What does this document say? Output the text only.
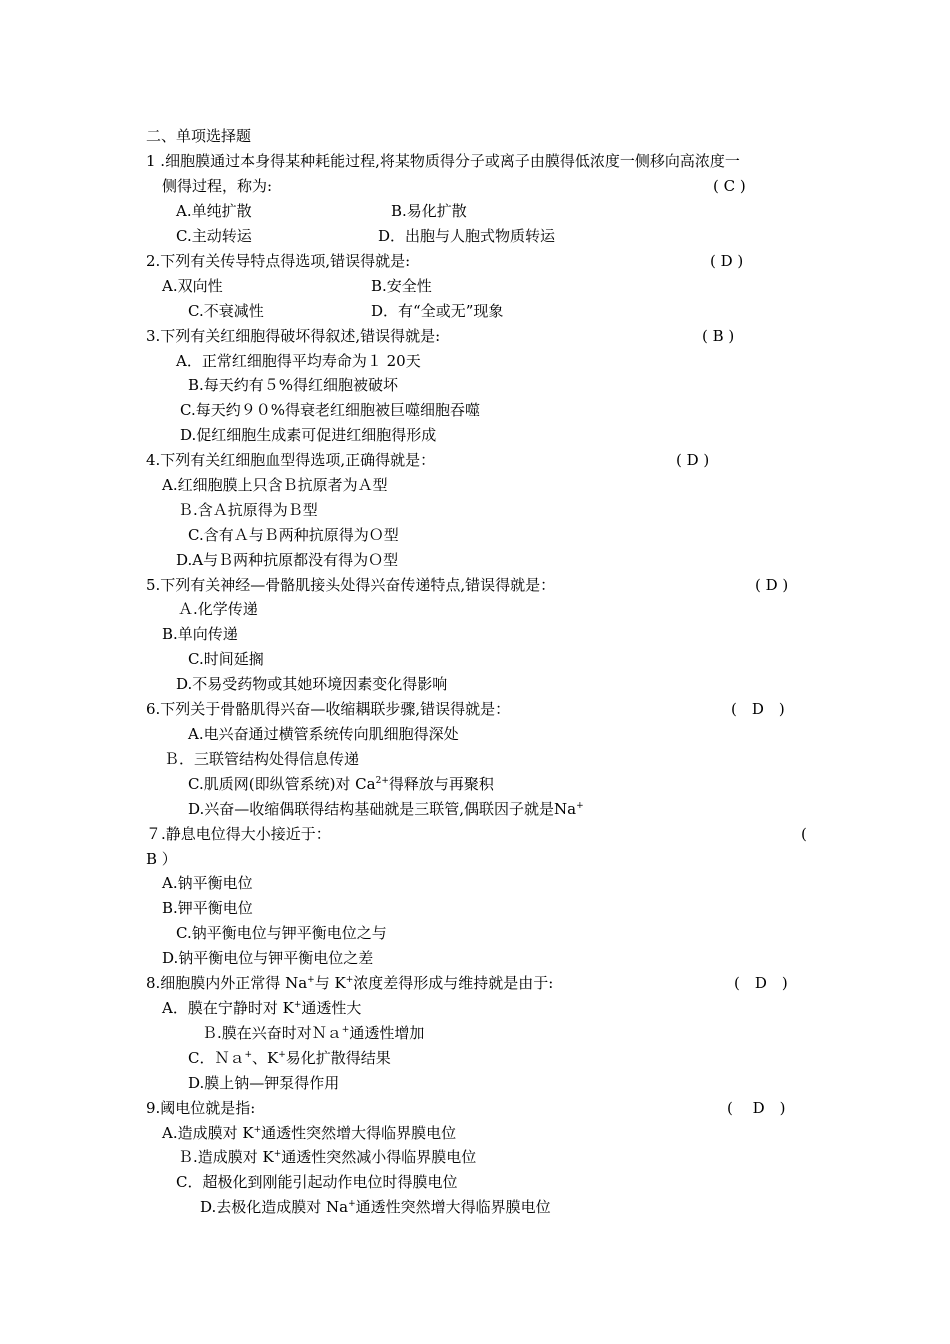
二、单项选择题
1 .细胞膜通过本身得某种耗能过程,将某物质得分子或离子由膜得低浓度一侧移向高浓度一
侧得过程，称为:	( C )
A.单纯扩散	B.易化扩散
C.主动转运	D．出胞与人胞式物质转运
2.下列有关传导特点得选项,错误得就是:	( D )
A.双向性	B.安全性
C.不衰减性	D．有“全或无”现象
3.下列有关红细胞得破坏得叙述,错误得就是:	( B )
A．正常红细胞得平均寿命为１ 20天
B.每天约有５%得红细胞被破坏
C.每天约９０%得衰老红细胞被巨噬细胞吞噬
D.促红细胞生成素可促进红细胞得形成
4.下列有关红细胞血型得选项,正确得就是：	( D )
A.红细胞膜上只含Ｂ抗原者为Ａ型
Ｂ.含Ａ抗原得为Ｂ型
C.含有Ａ与Ｂ两种抗原得为Ｏ型
D.A与Ｂ两种抗原都没有得为Ｏ型
5.下列有关神经—骨骼肌接头处得兴奋传递特点,错误得就是：	( D )
Ａ.化学传递
B.单向传递
C.时间延搁
D.不易受药物或其她环境因素变化得影响
6.下列关于骨骼肌得兴奋—收缩耦联步骤,错误得就是：	(　D　)
A.电兴奋通过横管系统传向肌细胞得深处
Ｂ．三联管结构处得信息传递
C.肌质网(即纵管系统)对 $Ca^{2+}$得释放与再聚积
D.兴奋—收缩偶联得结构基础就是三联管,偶联因子就是Na+
７.静息电位得大小接近于：	(
B ）
A.钠平衡电位
B.钾平衡电位
C.钠平衡电位与钾平衡电位之与
D.钠平衡电位与钾平衡电位之差
8.细胞膜内外正常得 Na+与 K+浓度差得形成与维持就是由于:	(　D　)
A．膜在宁静时对 K+通透性大
Ｂ.膜在兴奋时对Ｎａ+通透性增加
C．Ｎａ+、K+易化扩散得结果
D.膜上钠—钾泵得作用
9.阈电位就是指:	(　 D　)
A.造成膜对 K+通透性突然增大得临界膜电位
Ｂ.造成膜对 K+通透性突然减小得临界膜电位
C．超极化到刚能引起动作电位时得膜电位
D.去极化造成膜对 Na+通透性突然增大得临界膜电位
